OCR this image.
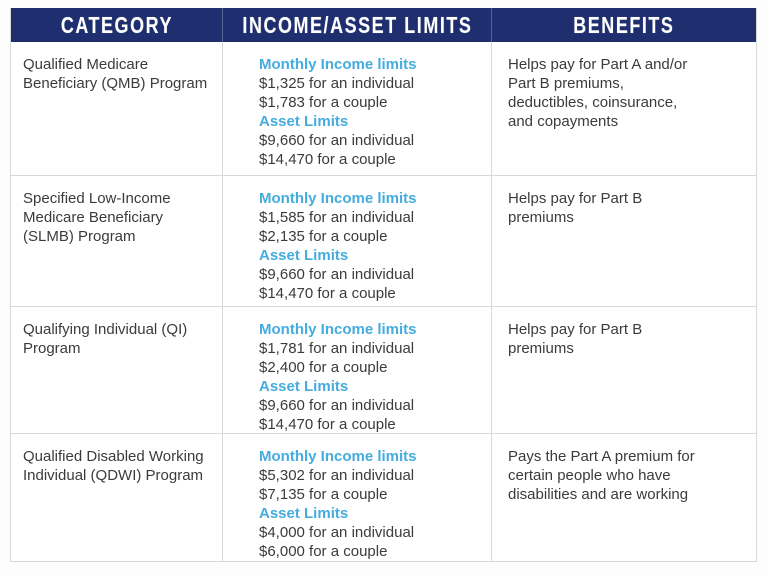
CATEGORY	INCOME/ASSET LIMITS	BENEFITS
Qualified Medicare Beneficiary (QMB) Program
Monthly Income limits
$1,325 for an individual
$1,783 for a couple
Asset Limits
$9,660 for an individual
$14,470 for a couple
Helps pay for Part A and/or Part B premiums, deductibles, coinsurance, and copayments
Specified Low-Income Medicare Beneficiary (SLMB) Program
Monthly Income limits
$1,585 for an individual
$2,135 for a couple
Asset Limits
$9,660 for an individual
$14,470 for a couple
Helps pay for Part B premiums
Qualifying Individual (QI) Program
Monthly Income limits
$1,781 for an individual
$2,400 for a couple
Asset Limits
$9,660 for an individual
$14,470 for a couple
Helps pay for Part B premiums
Qualified Disabled Working Individual (QDWI) Program
Monthly Income limits
$5,302 for an individual
$7,135 for a couple
Asset Limits
$4,000 for an individual
$6,000 for a couple
Pays the Part A premium for certain people who have disabilities and are working
